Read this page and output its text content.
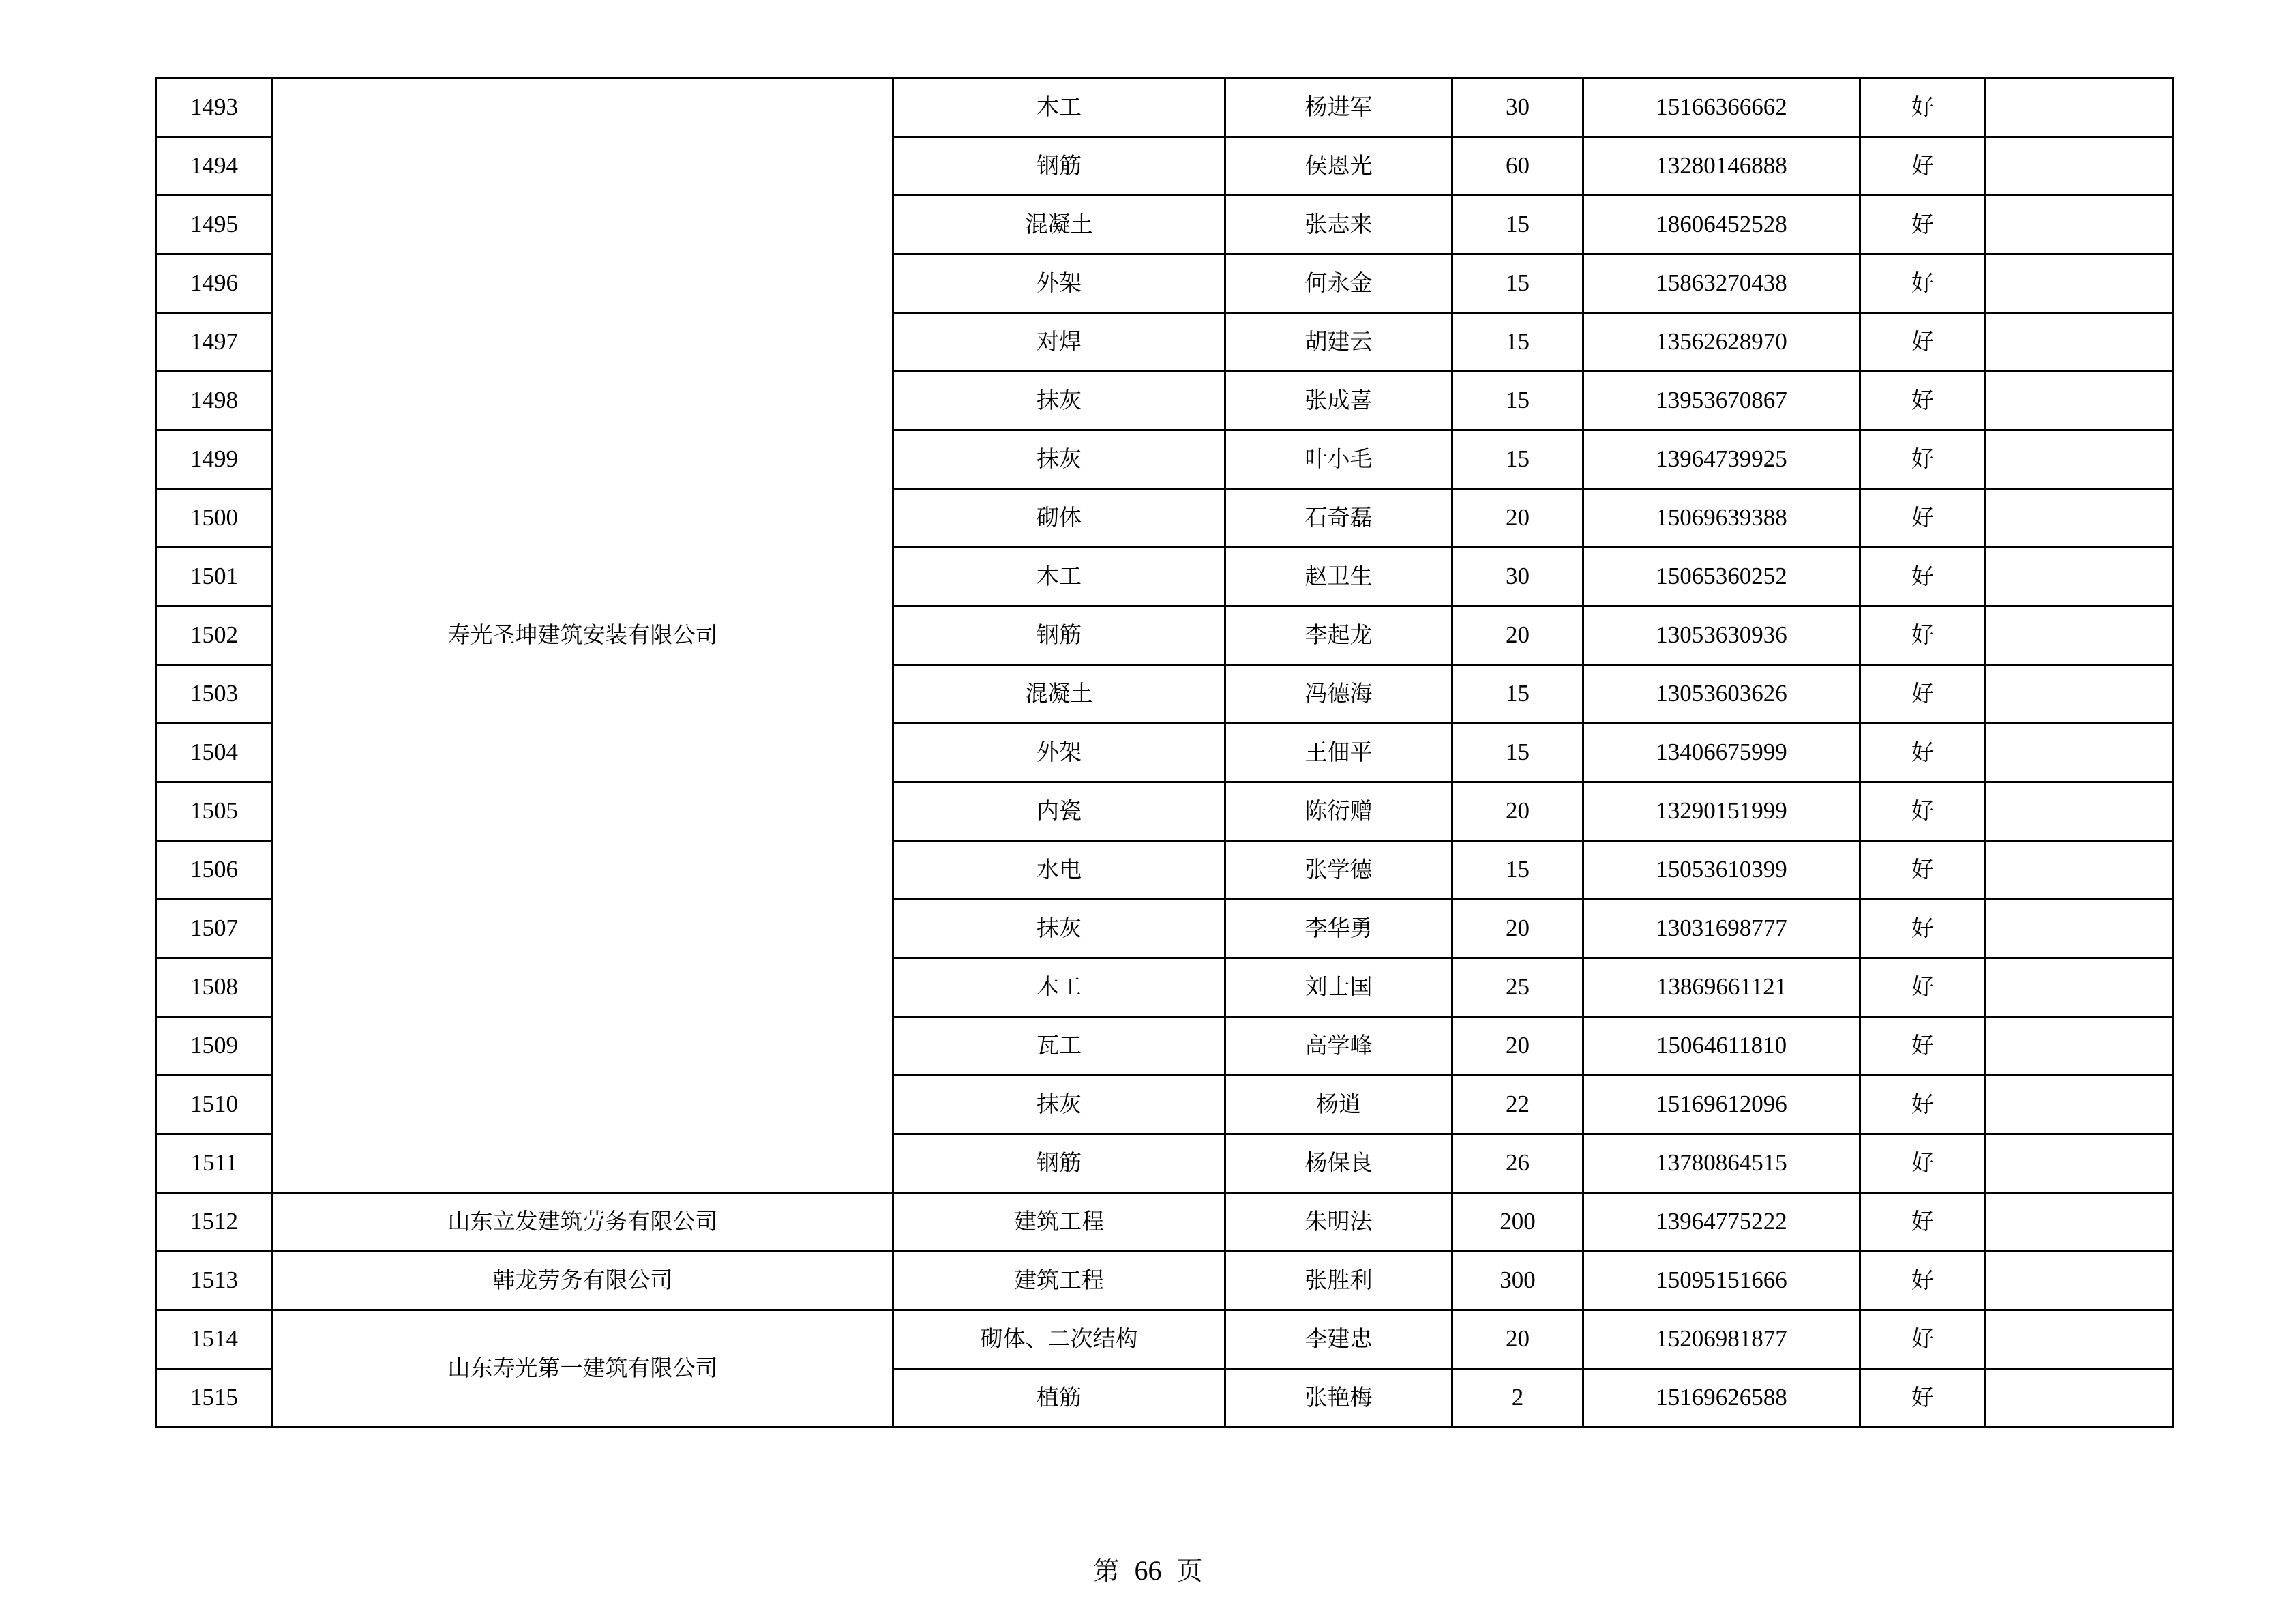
1493	寿光圣坤建筑安装有限公司	木工	杨进军	30	15166366662	好	
1494		钢筋	侯恩光	60	13280146888	好	
1495		混凝土	张志来	15	18606452528	好	
1496		外架	何永金	15	15863270438	好	
1497		对焊	胡建云	15	13562628970	好	
1498		抹灰	张成喜	15	13953670867	好	
1499		抹灰	叶小毛	15	13964739925	好	
1500		砌体	石奇磊	20	15069639388	好	
1501		木工	赵卫生	30	15065360252	好	
1502		钢筋	李起龙	20	13053630936	好	
1503		混凝土	冯德海	15	13053603626	好	
1504		外架	王佃平	15	13406675999	好	
1505		内瓷	陈衍赠	20	13290151999	好	
1506		水电	张学德	15	15053610399	好	
1507		抹灰	李华勇	20	13031698777	好	
1508		木工	刘士国	25	13869661121	好	
1509		瓦工	高学峰	20	15064611810	好	
1510		抹灰	杨逍	22	15169612096	好	
1511		钢筋	杨保良	26	13780864515	好	
1512	山东立发建筑劳务有限公司	建筑工程	朱明法	200	13964775222	好	
1513	韩龙劳务有限公司	建筑工程	张胜利	300	15095151666	好	
1514	山东寿光第一建筑有限公司	砌体、二次结构	李建忠	20	15206981877	好	
1515		植筋	张艳梅	2	15169626588	好	
第 66 页
